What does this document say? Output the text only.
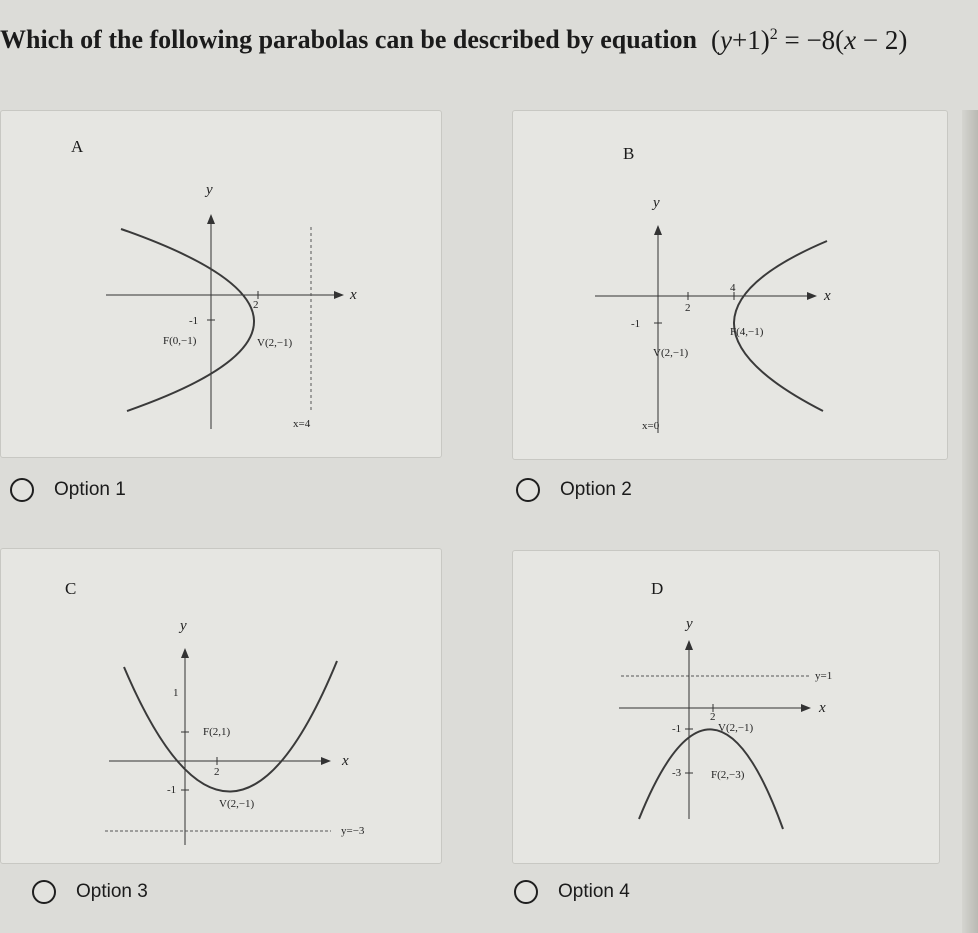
Which of the following parabolas can be described by equation $(y+1)^2 = -8(x - 2)$
A
x
y
2
-1
x=4
F(0,−1)	V(2,−1)
B
x
y
2
4
-1
F(4,−1)
V(2,−1)
x=0
Option 1	Option 2
C
x
y
1
-1
2
y=−3
F(2,1)
V(2,−1)
D
y=1
x
y
-1
-3
2
V(2,−1)
F(2,−3)
Option 3	Option 4
